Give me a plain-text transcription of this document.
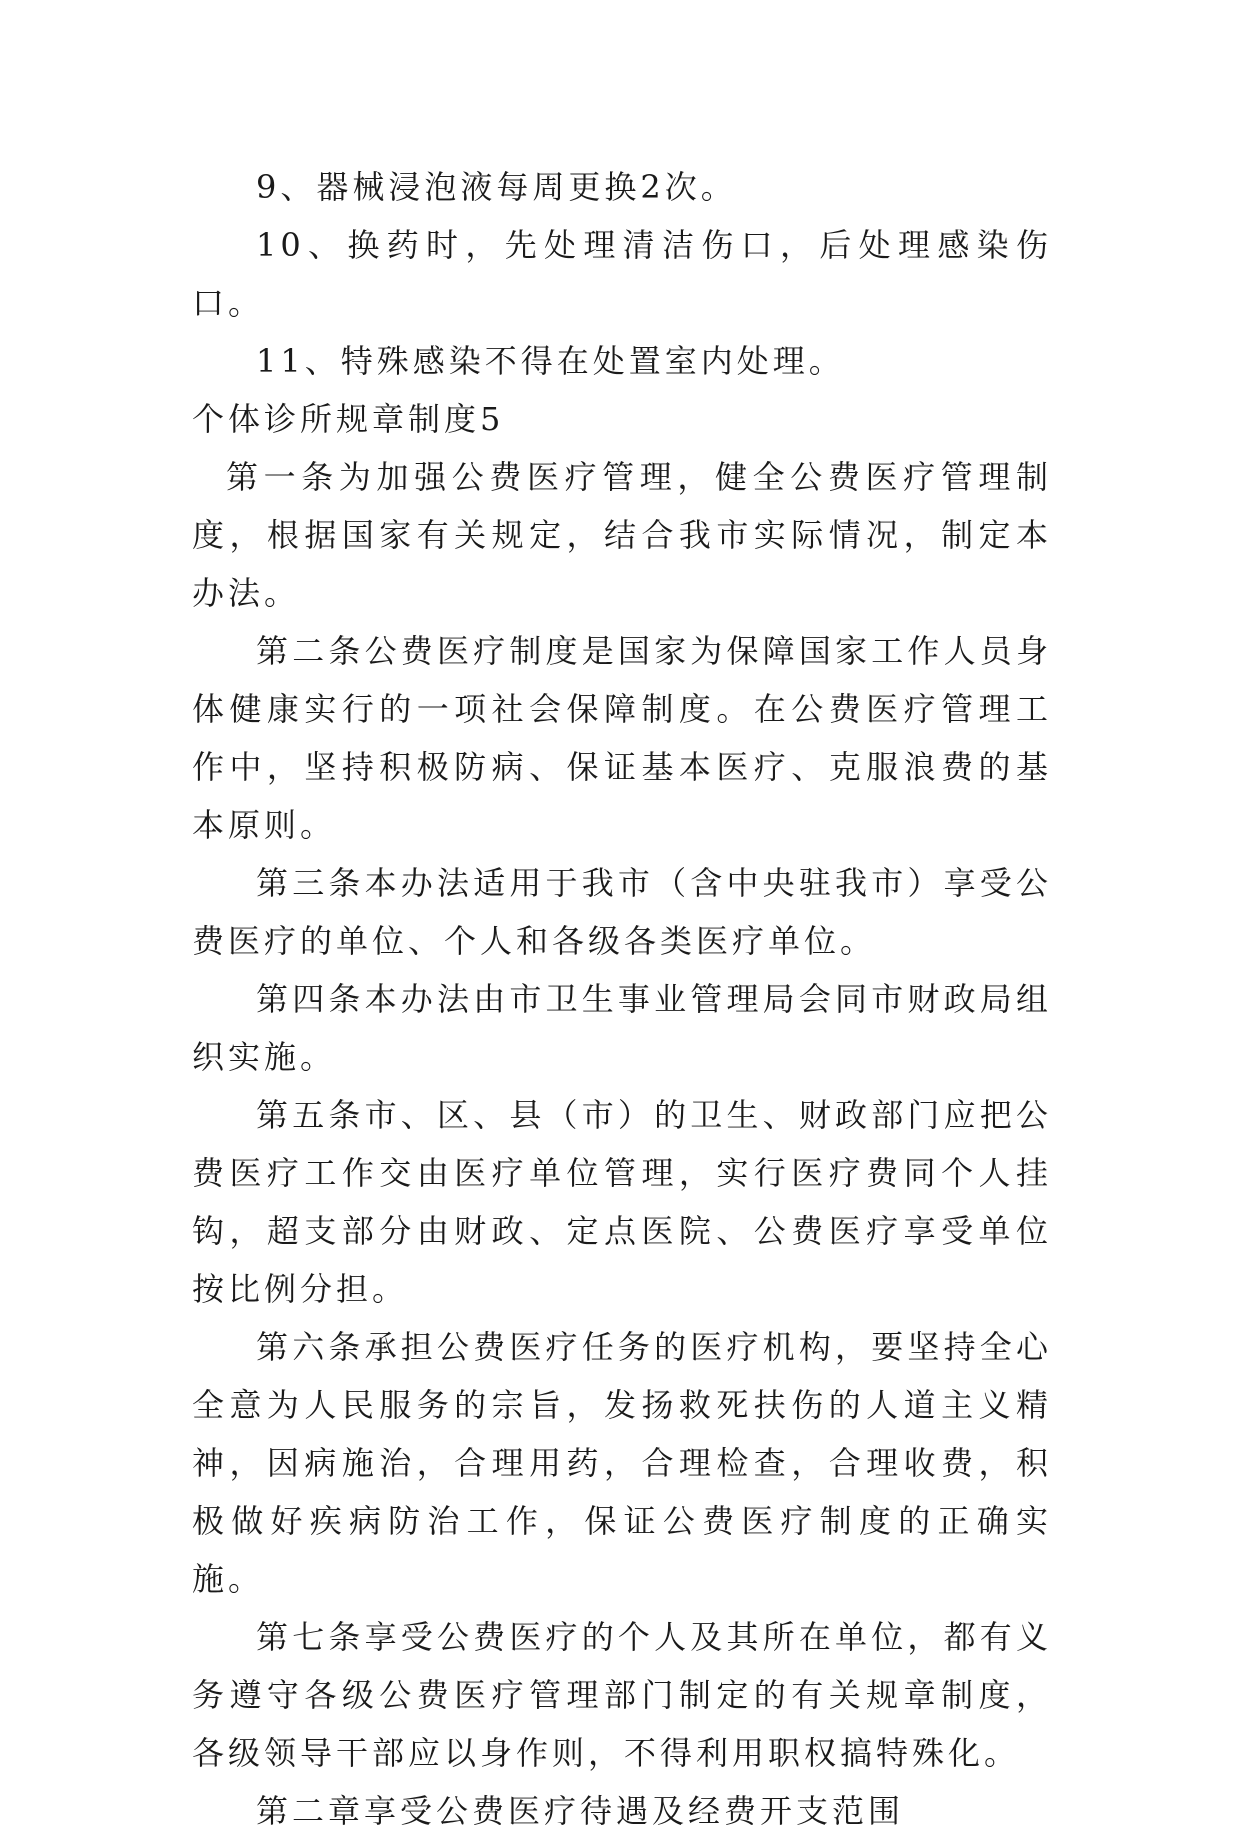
9、器械浸泡液每周更换2次。

10、换药时，先处理清洁伤口，后处理感染伤口。

11、特殊感染不得在处置室内处理。

个体诊所规章制度5

第一条为加强公费医疗管理，健全公费医疗管理制度，根据国家有关规定，结合我市实际情况，制定本办法。

第二条公费医疗制度是国家为保障国家工作人员身体健康实行的一项社会保障制度。在公费医疗管理工作中，坚持积极防病、保证基本医疗、克服浪费的基本原则。

第三条本办法适用于我市（含中央驻我市）享受公费医疗的单位、个人和各级各类医疗单位。

第四条本办法由市卫生事业管理局会同市财政局组织实施。

第五条市、区、县（市）的卫生、财政部门应把公费医疗工作交由医疗单位管理，实行医疗费同个人挂钩，超支部分由财政、定点医院、公费医疗享受单位按比例分担。

第六条承担公费医疗任务的医疗机构，要坚持全心全意为人民服务的宗旨，发扬救死扶伤的人道主义精神，因病施治，合理用药，合理检查，合理收费，积极做好疾病防治工作，保证公费医疗制度的正确实施。

第七条享受公费医疗的个人及其所在单位，都有义务遵守各级公费医疗管理部门制定的有关规章制度，各级领导干部应以身作则，不得利用职权搞特殊化。

第二章享受公费医疗待遇及经费开支范围
